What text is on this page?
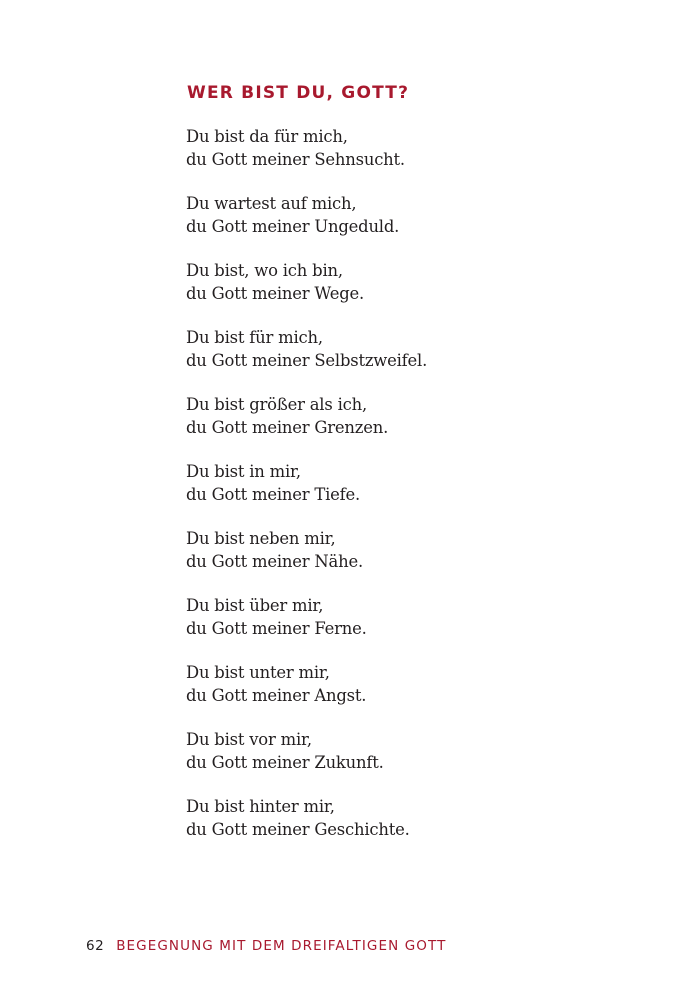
WER BIST DU, GOTT?

Du bist da für mich,
du Gott meiner Sehnsucht.

Du wartest auf mich,
du Gott meiner Ungeduld.

Du bist, wo ich bin,
du Gott meiner Wege.

Du bist für mich,
du Gott meiner Selbstzweifel.

Du bist größer als ich,
du Gott meiner Grenzen.

Du bist in mir,
du Gott meiner Tiefe.

Du bist neben mir,
du Gott meiner Nähe.

Du bist über mir,
du Gott meiner Ferne.

Du bist unter mir,
du Gott meiner Angst.

Du bist vor mir,
du Gott meiner Zukunft.

Du bist hinter mir,
du Gott meiner Geschichte.

62 BEGEGNUNG MIT DEM DREIFALTIGEN GOTT
